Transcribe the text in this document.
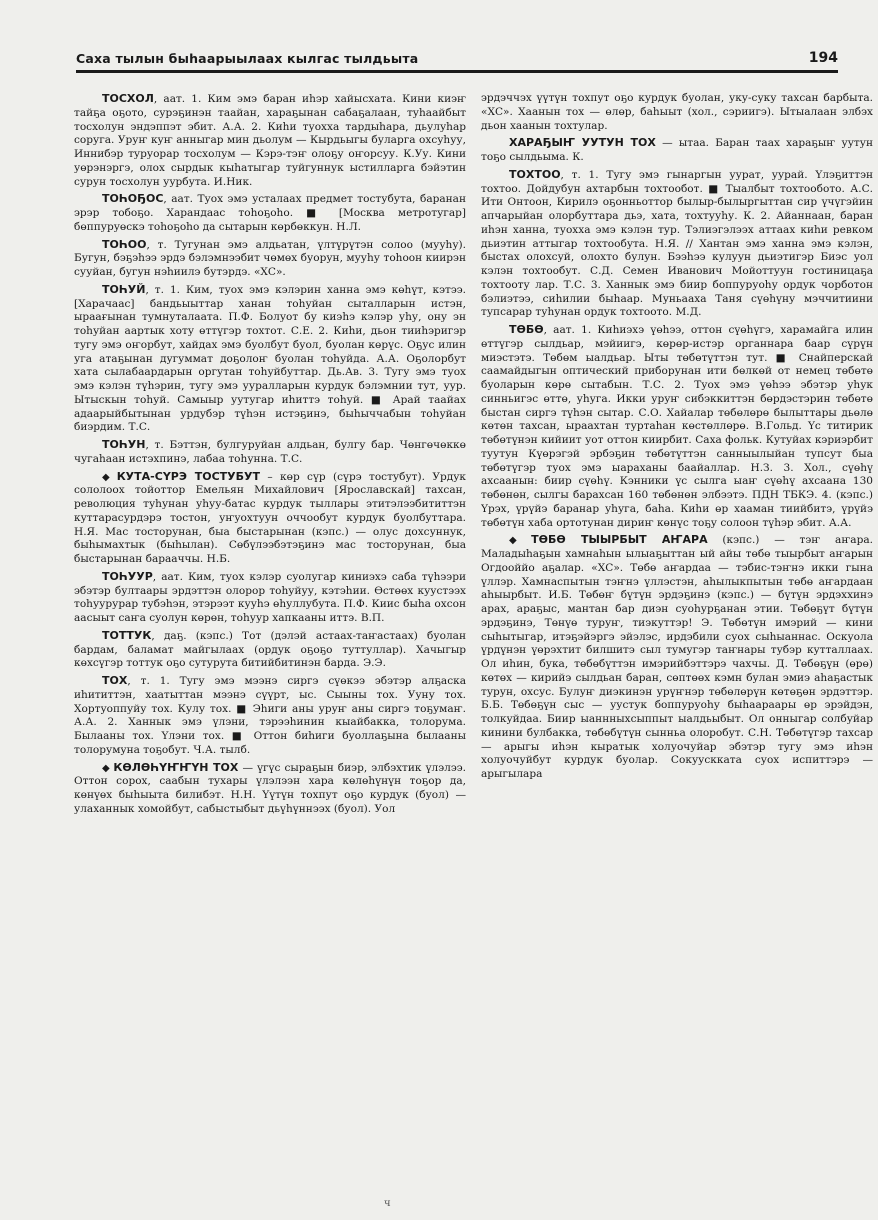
Саха тылын быһаарыылаах кылгас тылдьыта	194

ТОСХОЛ, аат. 1. Ким эмэ баран иһэр хайысхата. Кини киэҥ тайҕа оҕото, сурэҕинэн таайан, хараҕынан сабаҕалаан, туһаайбыт тосхолун эндэппэт эбит. А.А. 2. Киһи туохха тардыһара, дьулуһар соруга. Уруҥ куҥ анныгар мин дьолум — Кырдьыгы буларга охсуһуу, Иннибэр туруорар тосхолум — Кэрэ-тэҥ олоҕу оҥорсуу. К.Уу. Кини уөрэнэргэ, олох сырдык кыһатыгар туйгуннук ыстилларга бэйэтин сурун тосхолун уурбута. И.Ник.

ТОҺОҔОС, аат. Туох эмэ усталаах предмет тостубута, баранан эрэр тобоҕо. Харандаас тоһоҕоһо. ■ [Москва метротугар] бөппуруөскэ тоһоҕоһо да сытарын көрбөккун. Н.Л.

ТОҺОО, т. Тугунан эмэ алдьатан, үлтүрүтэн солоо (мууһу). Бугун, бэҕэһээ эрдэ бэлэмнээбит чөмөх буорун, мууһу тоһоон киирэн сууйан, бугун нэһиилэ бутэрдэ. «ХС».

ТОҺУЙ, т. 1. Ким, туох эмэ кэлэрин ханна эмэ көһүт, кэтээ. [Харачаас] бандьыыттар ханан тоһуйан сыталларын истэн, ыраағынан тумнуталаата. П.Ф. Болуот бу киэһэ кэлэр уһу, ону эн тоһуйан аартык хоту өттүгэр тохтот. С.Е. 2. Киһи, дьон тииһэригэр тугу эмэ оҥорбут, хайдах эмэ буолбут буол, буолан көрүс. Оҕус илин уга атаҕынан дугуммат доҕолоҥ буолан тоһуйда. А.А. Оҕолорбут хата сылабаардарын оргутан тоһуйбуттар. Дь.Ав. 3. Тугу эмэ туох эмэ кэлэн түһэрин, тугу эмэ ууралларын курдук бэлэмнии тут, уур. Ытыскын тоһуй. Самыыр уутугар иһиттэ тоһуй. ■ Арай таайах адаарыйбытынан урдубэр түһэн истэҕинэ, быһыччабын тоһуйан биэрдим. Т.С.

ТОҺУН, т. Бэттэн, булгуруйан алдьан, булгу бар. Чөнгөчөккө чугаһаан истэхпинэ, лабаа тоһунна. Т.С.

◆ КУТА-СҮРЭ ТОСТУБУТ – көр сүр (сүрэ тостубут). Урдук сололоох тойоттор Емельян Михайлович [Ярославскай] тахсан, революция туһунан уһуу-батас курдук тыллары этитэлээбититтэн куттарасурдэрэ тостон, уҥуохтуун оччообут курдук буолбуттара. Н.Я. Мас тосторунан, быа быстарынан (кэпс.) — олус дохсуннук, быһымахтык (быһылан). Сөбүлээбэтэҕинэ мас тосторунан, быа быстарынан барааччы. Н.Б.

ТОҺУУР, аат. Ким, туох кэлэр суолугар киниэхэ саба түһээри эбэтэр бултаары эрдэттэн олорор тоһуйуу, кэтэһии. Өстөөх куустээх тоһуурурар тубэһэн, этэрээт кууһэ өһуллубута. П.Ф. Киис быһа охсон аасыыт саҥа суолун көрөн, тоһуур хапкааны иттэ. В.П.

ТОТТУК, даҕ. (кэпс.) Тот (дэлэй астаах-таҥастаах) буолан бардам, баламат майгылаах (ордук оҕоҕо туттуллар). Хачыгыр көхсүгэр тоттук оҕо сутурута битийбитинэн барда. Э.Э.

ТОХ, т. 1. Тугу эмэ мээнэ сиргэ сүөкээ эбэтэр алҕаска иһититтэн, хаатыттан мээнэ сүүрт, ыс. Сыыны тох. Ууну тох. Хортуоппуйу тох. Кулу тох. ■ Эһиги аны уруҥ аны сиргэ тоҕумаҥ. А.А. 2. Ханнык эмэ үлэни, тэрээһинин кыайбакка, толорума. Былааны тох. Үлэни тох. ■ Оттон биһиги буоллаҕына былааны толорумуна тоҕобут. Ч.А. тылб.

◆ КӨЛӨҺҮҤҤҮН ТОХ — үгүс сыраҕын биэр, элбэхтик үлэлээ. Оттон сорох, саабын тухары үлэлээн хара көлөһүнүн тоҕор да, көнүөх быһыыта билибэт. Н.Н. Үүтүн тохпут оҕо курдук (буол) — улаханнык хомойбут, сабыстыбыт дьүһүннээх (буол). Уол

эрдэччэх үүтүн тохпут оҕо курдук буолан, уку-суку тахсан барбыта. «ХС». Хаанын тох — өлөр, баһыыт (хол., сэриигэ). Ытыалаан элбэх дьон хаанын тохтулар.

ХАРАҔЫҤ УУТУН ТОХ — ытаа. Баран таах хараҕыҥ уутун тоҕо сылдьыма. К.

ТОХТОО, т. 1. Тугу эмэ гынаргын уурат, уурай. Үлэҕиттэн тохтоо. Дойдубун ахтарбын тохтообот. ■ Тыалбыт тохтообото. А.С. Ити Онтоон, Кирилэ оҕонньоттор былыр-былыргыттан сир үчүгэйин апчарыйан олорбуттара дьэ, хата, тохтууһу. К. 2. Айаннаан, баран иһэн ханна, туохха эмэ кэлэн тур. Тэлиэгэлээх аттаах киһи ревком дьиэтин аттыгар тохтообута. Н.Я. // Хантан эмэ ханна эмэ кэлэн, быстах олохсуй, олохто булун. Бээһээ кулуун дьиэтигэр Биэс уол кэлэн тохтообут. С.Д. Семен Иванович Мойоттуун гостиницаҕа тохтооту лар. Т.С. 3. Ханнык эмэ биир боппуруоһу ордук чорботон бэлиэтээ, сиһилии быһаар. Муньааха Таня сүөһүну мэччитиини тупсарар туһунан ордук тохтоото. М.Д.

ТӨБӨ, аат. 1. Киһиэхэ үөһээ, оттон сүөһүгэ, харамайга илин өттүгэр сылдьар, мэйиигэ, көрөр-истэр органнара баар сүрүн миэстэтэ. Төбөм ыалдьар. Ыты төбөтүттэн тут. ■ Снайперскай саамайдыгын оптический приборунан ити бөлкөй от немец төбөтө буоларын көрө сытабын. Т.С. 2. Туох эмэ үөһээ эбэтэр уһук синньигэс өттө, уһуга. Икки уруҥ сибэккиттэн бөрдэстэрин төбөтө быстан сиргэ түһэн сытар. С.О. Хайалар төбөлөрө былыттары дьөлө көтөн тахсан, ыраахтан туртаһан көстөллөрө. В.Гольд. Үс титирик төбөтүнэн кийиит уот оттон киирбит. Саха фольк. Кутуйах кэриэрбит туутун Күөрэгэй эрбэҕин төбөтүттэн санныылыйан тупсут быа төбөтүгэр туох эмэ ыараханы баайаллар. Н.З. 3. Хол., сүөһү ахсаанын: биир сүөһү. Кэнники үс сылга ыаҥ сүөһү ахсаана 130 төбөнөн, сылгы барахсан 160 төбөнөн элбээтэ. ПДН ТБКЭ. 4. (кэпс.) Үрэх, үрүйэ баранар уһуга, баһа. Киһи өр хааман тиийбитэ, үрүйэ төбөтүн хаба ортотунан дириҥ көнүс тоҕу солоон түһэр эбит. А.А.

◆ ТӨБӨ ТЫЫРБЫТ АҤАРА (кэпс.) — тэҥ аҥара. Маладыһаҕын хамнаһын ылыаҕыттан ый айы төбө тыырбыт аҥарын Огдооййо аҕалар. «ХС». Төбө аҥардаа — тэбис-тэҥнэ икки гына үллэр. Хамнаспытын тэҥнэ үллэстэн, аһылыкпытын төбө аҥардаан аһыырбыт. И.Б. Төбөҥ бүтүн эрдэҕинэ (кэпс.) — бүтүн эрдэххинэ арах, араҕыс, мантан бар диэн суоһурҕанан этии. Төбөҕүт бүтүн эрдэҕинэ, Төнүө туруҥ, тиэкуттэр! Э. Төбөтүн имэрий — кини сыһытыгар, итэҕэйэргэ эйэлэс, ирдэбили суох сыһыаннас. Оскуола үрдүнэн үөрэхтит билшитэ сыл тумугэр таҥнары тубэр кутталлаах. Ол иһин, бука, төбөбүттэн имэрийбэттэрэ чахчы. Д. Төбөҕүн (өрө) көтөх — кирийэ сылдьан баран, сөптөөх кэмн булан эмиэ аһаҕастык турун, охсус. Булуҥ диэкинэн урүҥнэр төбөлөрүн көтөҕөн эрдэттэр. Б.Б. Төбөҕүн сыс — уустук боппуруоһу быһаараары өр эрэйдэн, толкуйдаа. Биир ыаннныхсыппыт ыалдьыбыт. Ол онныгар солбуйар кинини булбакка, төбөбүтүн сынньа олоробут. С.Н. Төбөтүгэр тахсар — арыгы иһэн кыратык холуочуйар эбэтэр тугу эмэ иһэн холуочуйбут курдук буолар. Сокуускката суох испиттэрэ — арыгылара

ч
